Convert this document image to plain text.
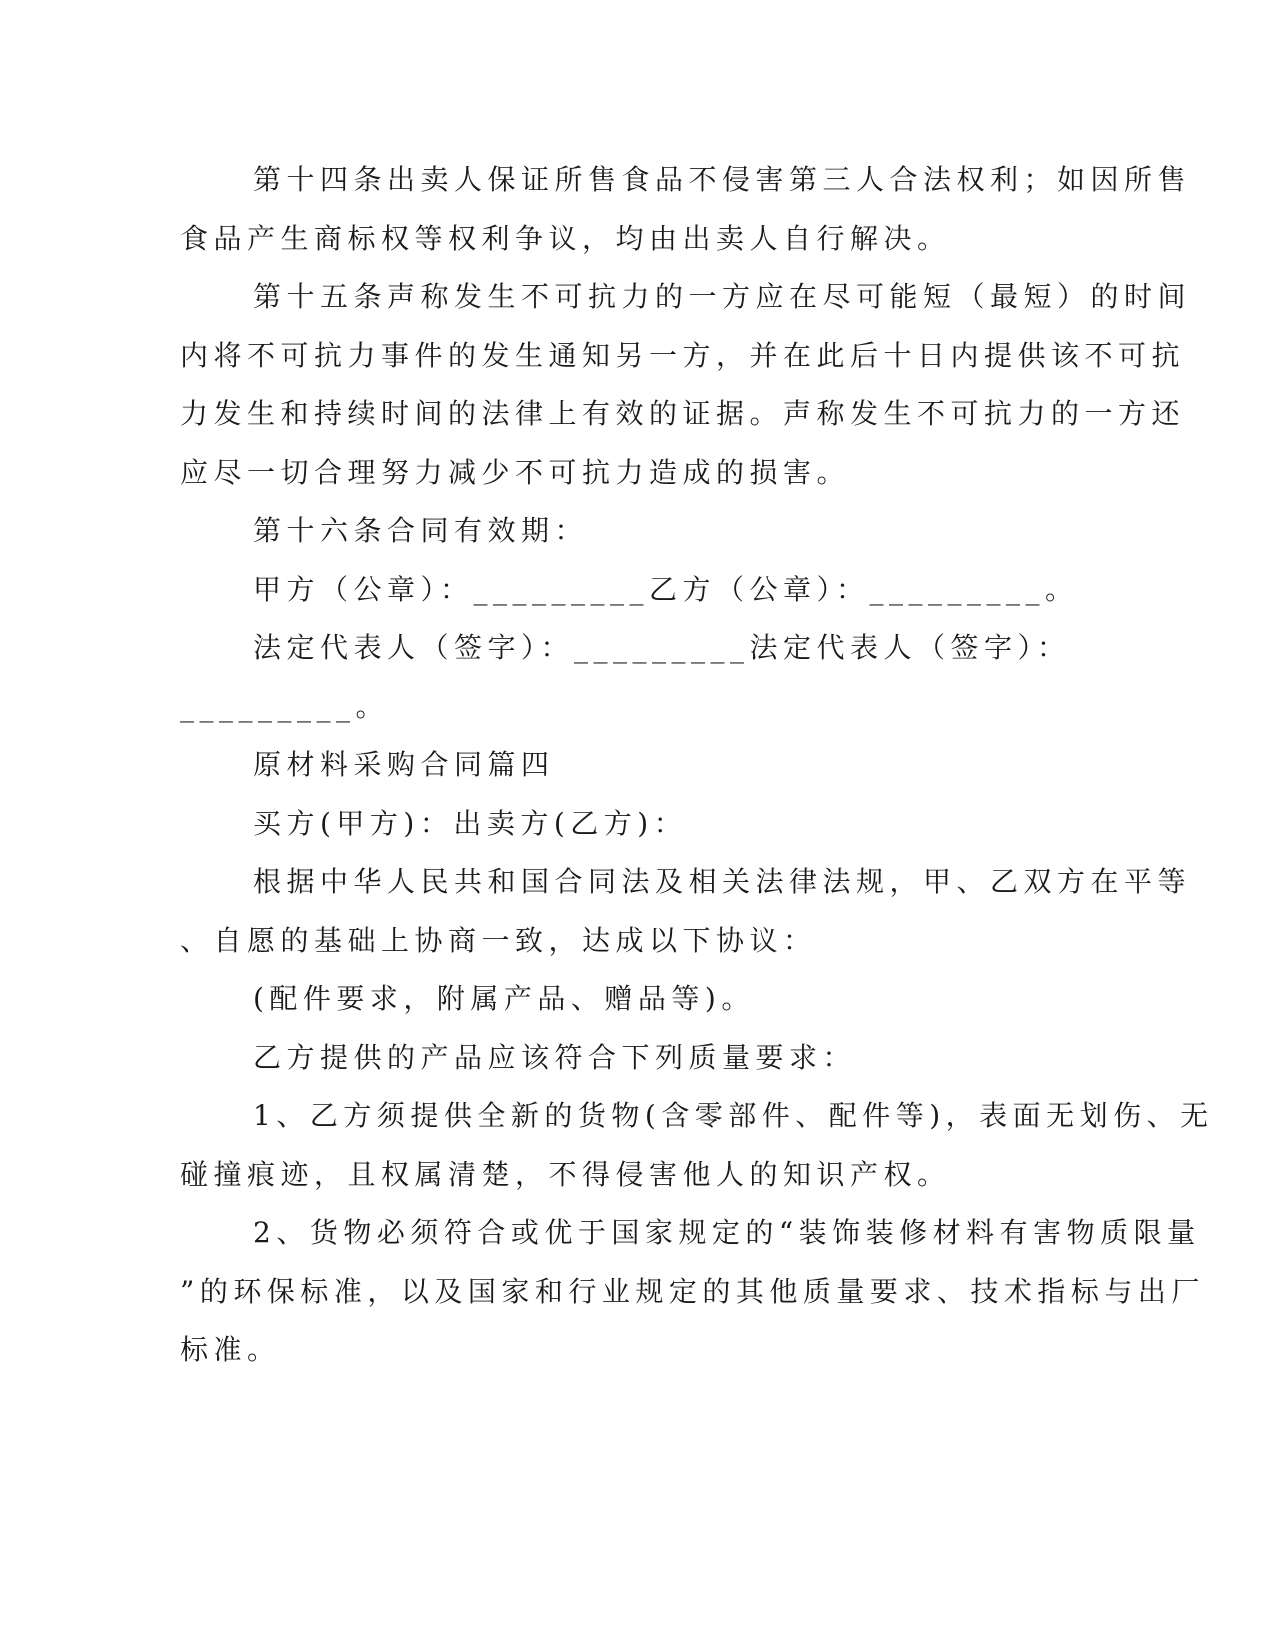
第十四条出卖人保证所售食品不侵害第三人合法权利；如因所售
食品产生商标权等权利争议，均由出卖人自行解决。
第十五条声称发生不可抗力的一方应在尽可能短（最短）的时间
内将不可抗力事件的发生通知另一方，并在此后十日内提供该不可抗
力发生和持续时间的法律上有效的证据。声称发生不可抗力的一方还
应尽一切合理努力减少不可抗力造成的损害。
第十六条合同有效期：
甲方（公章）：_________乙方（公章）：_________。
法定代表人（签字）：_________法定代表人（签字）：
_________。
原材料采购合同篇四
买方(甲方)：出卖方(乙方)：
根据中华人民共和国合同法及相关法律法规，甲、乙双方在平等
、自愿的基础上协商一致，达成以下协议：
(配件要求，附属产品、赠品等)。
乙方提供的产品应该符合下列质量要求：
1、乙方须提供全新的货物(含零部件、配件等)，表面无划伤、无
碰撞痕迹，且权属清楚，不得侵害他人的知识产权。
2、货物必须符合或优于国家规定的“装饰装修材料有害物质限量
”的环保标准，以及国家和行业规定的其他质量要求、技术指标与出厂
标准。
